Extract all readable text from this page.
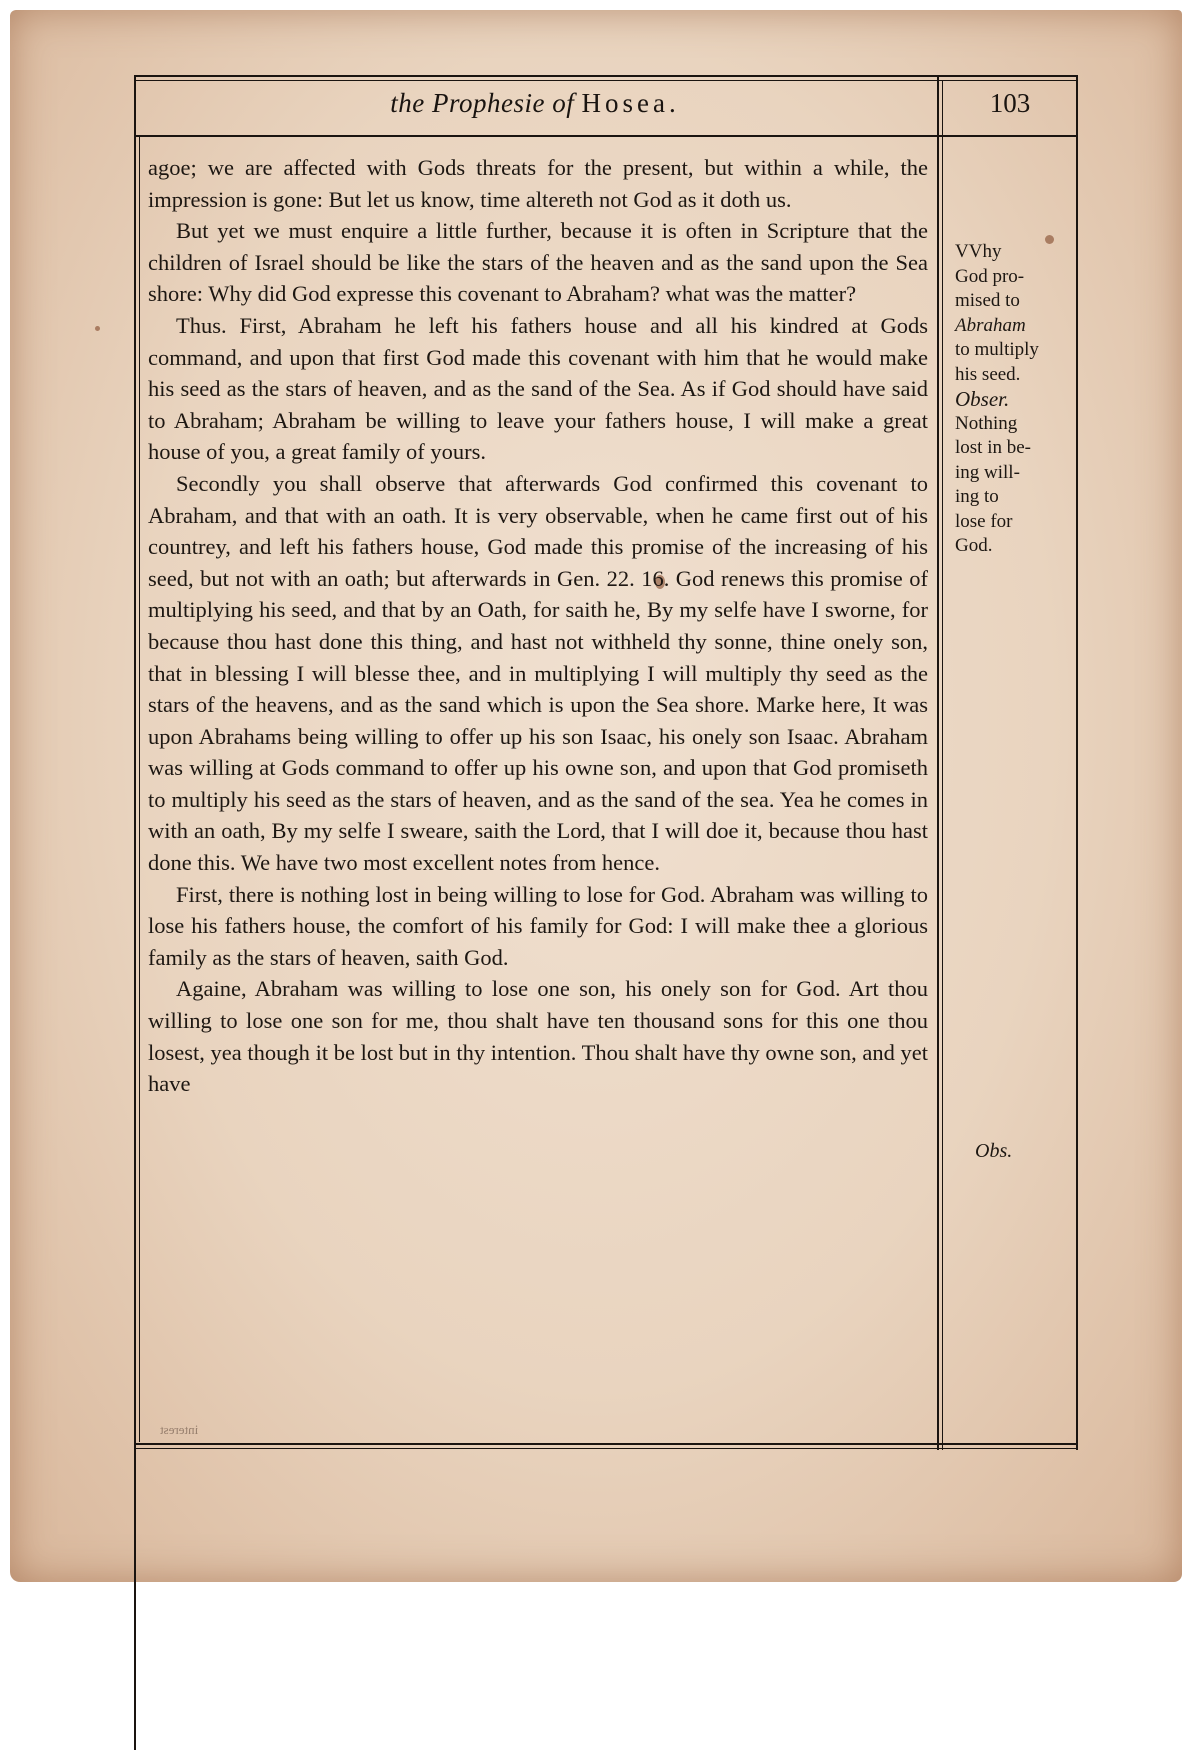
the Prophesie of Hosea.	103

agoe; we are affected with Gods threats for the present, but within a while, the impression is gone: But let us know, time altereth not God as it doth us.

But yet we must enquire a little further, because it is often in Scripture that the children of Israel should be like the stars of the heaven and as the sand upon the Sea shore: Why did God expresse this covenant to Abraham? what was the matter?

Thus. First, Abraham he left his fathers house and all his kindred at Gods command, and upon that first God made this covenant with him that he would make his seed as the stars of heaven, and as the sand of the Sea. As if God should have said to Abraham; Abraham be willing to leave your fathers house, I will make a great house of you, a great family of yours.

Secondly you shall observe that afterwards God confirmed this covenant to Abraham, and that with an oath. It is very observable, when he came first out of his countrey, and left his fathers house, God made this promise of the increasing of his seed, but not with an oath; but afterwards in Gen. 22. 16. God renews this promise of multiplying his seed, and that by an Oath, for saith he, By my selfe have I sworne, for because thou hast done this thing, and hast not withheld thy sonne, thine onely son, that in blessing I will blesse thee, and in multiplying I will multiply thy seed as the stars of the heavens, and as the sand which is upon the Sea shore. Marke here, It was upon Abrahams being willing to offer up his son Isaac, his onely son Isaac. Abraham was willing at Gods command to offer up his owne son, and upon that God promiseth to multiply his seed as the stars of heaven, and as the sand of the sea. Yea he comes in with an oath, By my selfe I sweare, saith the Lord, that I will doe it, because thou hast done this. We have two most excellent notes from hence.

First, there is nothing lost in being willing to lose for God. Abraham was willing to lose his fathers house, the comfort of his family for God: I will make thee a glorious family as the stars of heaven, saith God.

Againe, Abraham was willing to lose one son, his onely son for God. Art thou willing to lose one son for me, thou shalt have ten thousand sons for this one thou losest, yea though it be lost but in thy intention. Thou shalt have thy owne son, and yet have

VVhy
God pro-
mised to
Abraham
to multiply
his seed.
Obser.
Nothing
lost in be-
ing will-
ing to
lose for
God.
Obs.
interest
